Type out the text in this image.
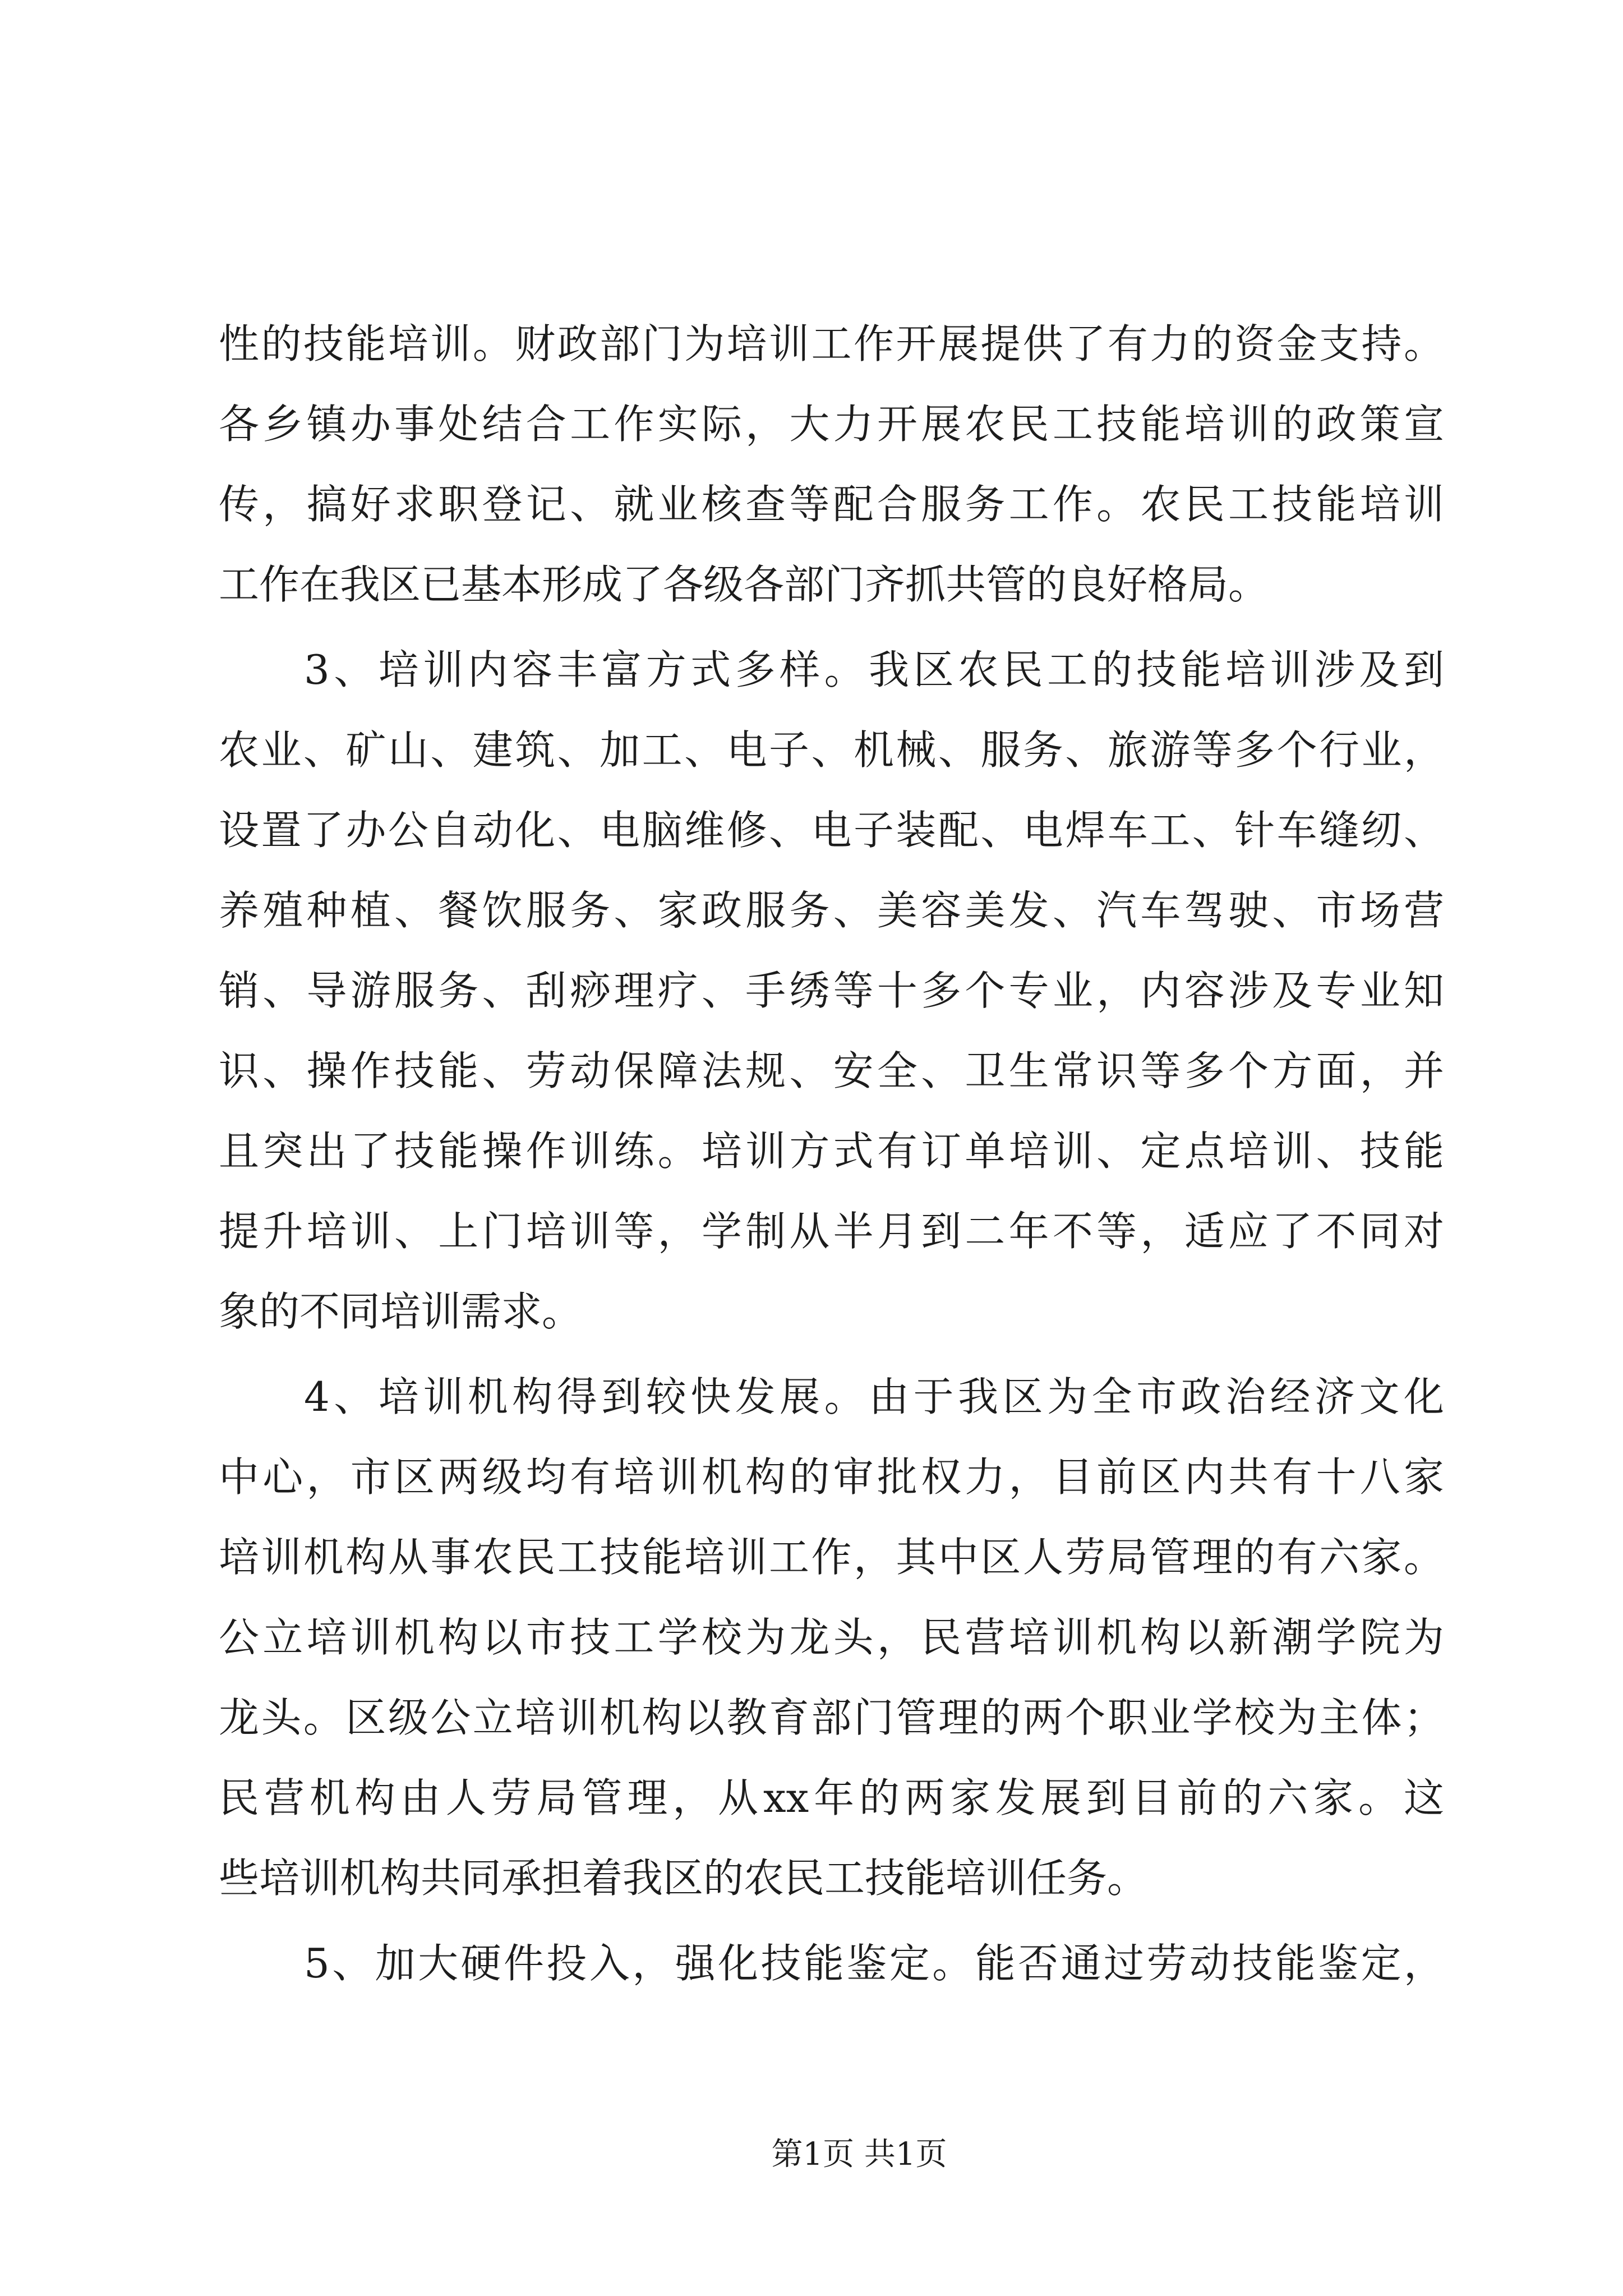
性的技能培训。财政部门为培训工作开展提供了有力的资金支持。
各乡镇办事处结合工作实际，大力开展农民工技能培训的政策宣
传，搞好求职登记、就业核查等配合服务工作。农民工技能培训
工作在我区已基本形成了各级各部门齐抓共管的良好格局。
3、培训内容丰富方式多样。我区农民工的技能培训涉及到
农业、矿山、建筑、加工、电子、机械、服务、旅游等多个行业，
设置了办公自动化、电脑维修、电子装配、电焊车工、针车缝纫、
养殖种植、餐饮服务、家政服务、美容美发、汽车驾驶、市场营
销、导游服务、刮痧理疗、手绣等十多个专业，内容涉及专业知
识、操作技能、劳动保障法规、安全、卫生常识等多个方面，并
且突出了技能操作训练。培训方式有订单培训、定点培训、技能
提升培训、上门培训等，学制从半月到二年不等，适应了不同对
象的不同培训需求。
4、培训机构得到较快发展。由于我区为全市政治经济文化
中心，市区两级均有培训机构的审批权力，目前区内共有十八家
培训机构从事农民工技能培训工作，其中区人劳局管理的有六家。
公立培训机构以市技工学校为龙头，民营培训机构以新潮学院为
龙头。区级公立培训机构以教育部门管理的两个职业学校为主体；
民营机构由人劳局管理，从xx年的两家发展到目前的六家。这
些培训机构共同承担着我区的农民工技能培训任务。
5、加大硬件投入，强化技能鉴定。能否通过劳动技能鉴定，
第1页 共1页
